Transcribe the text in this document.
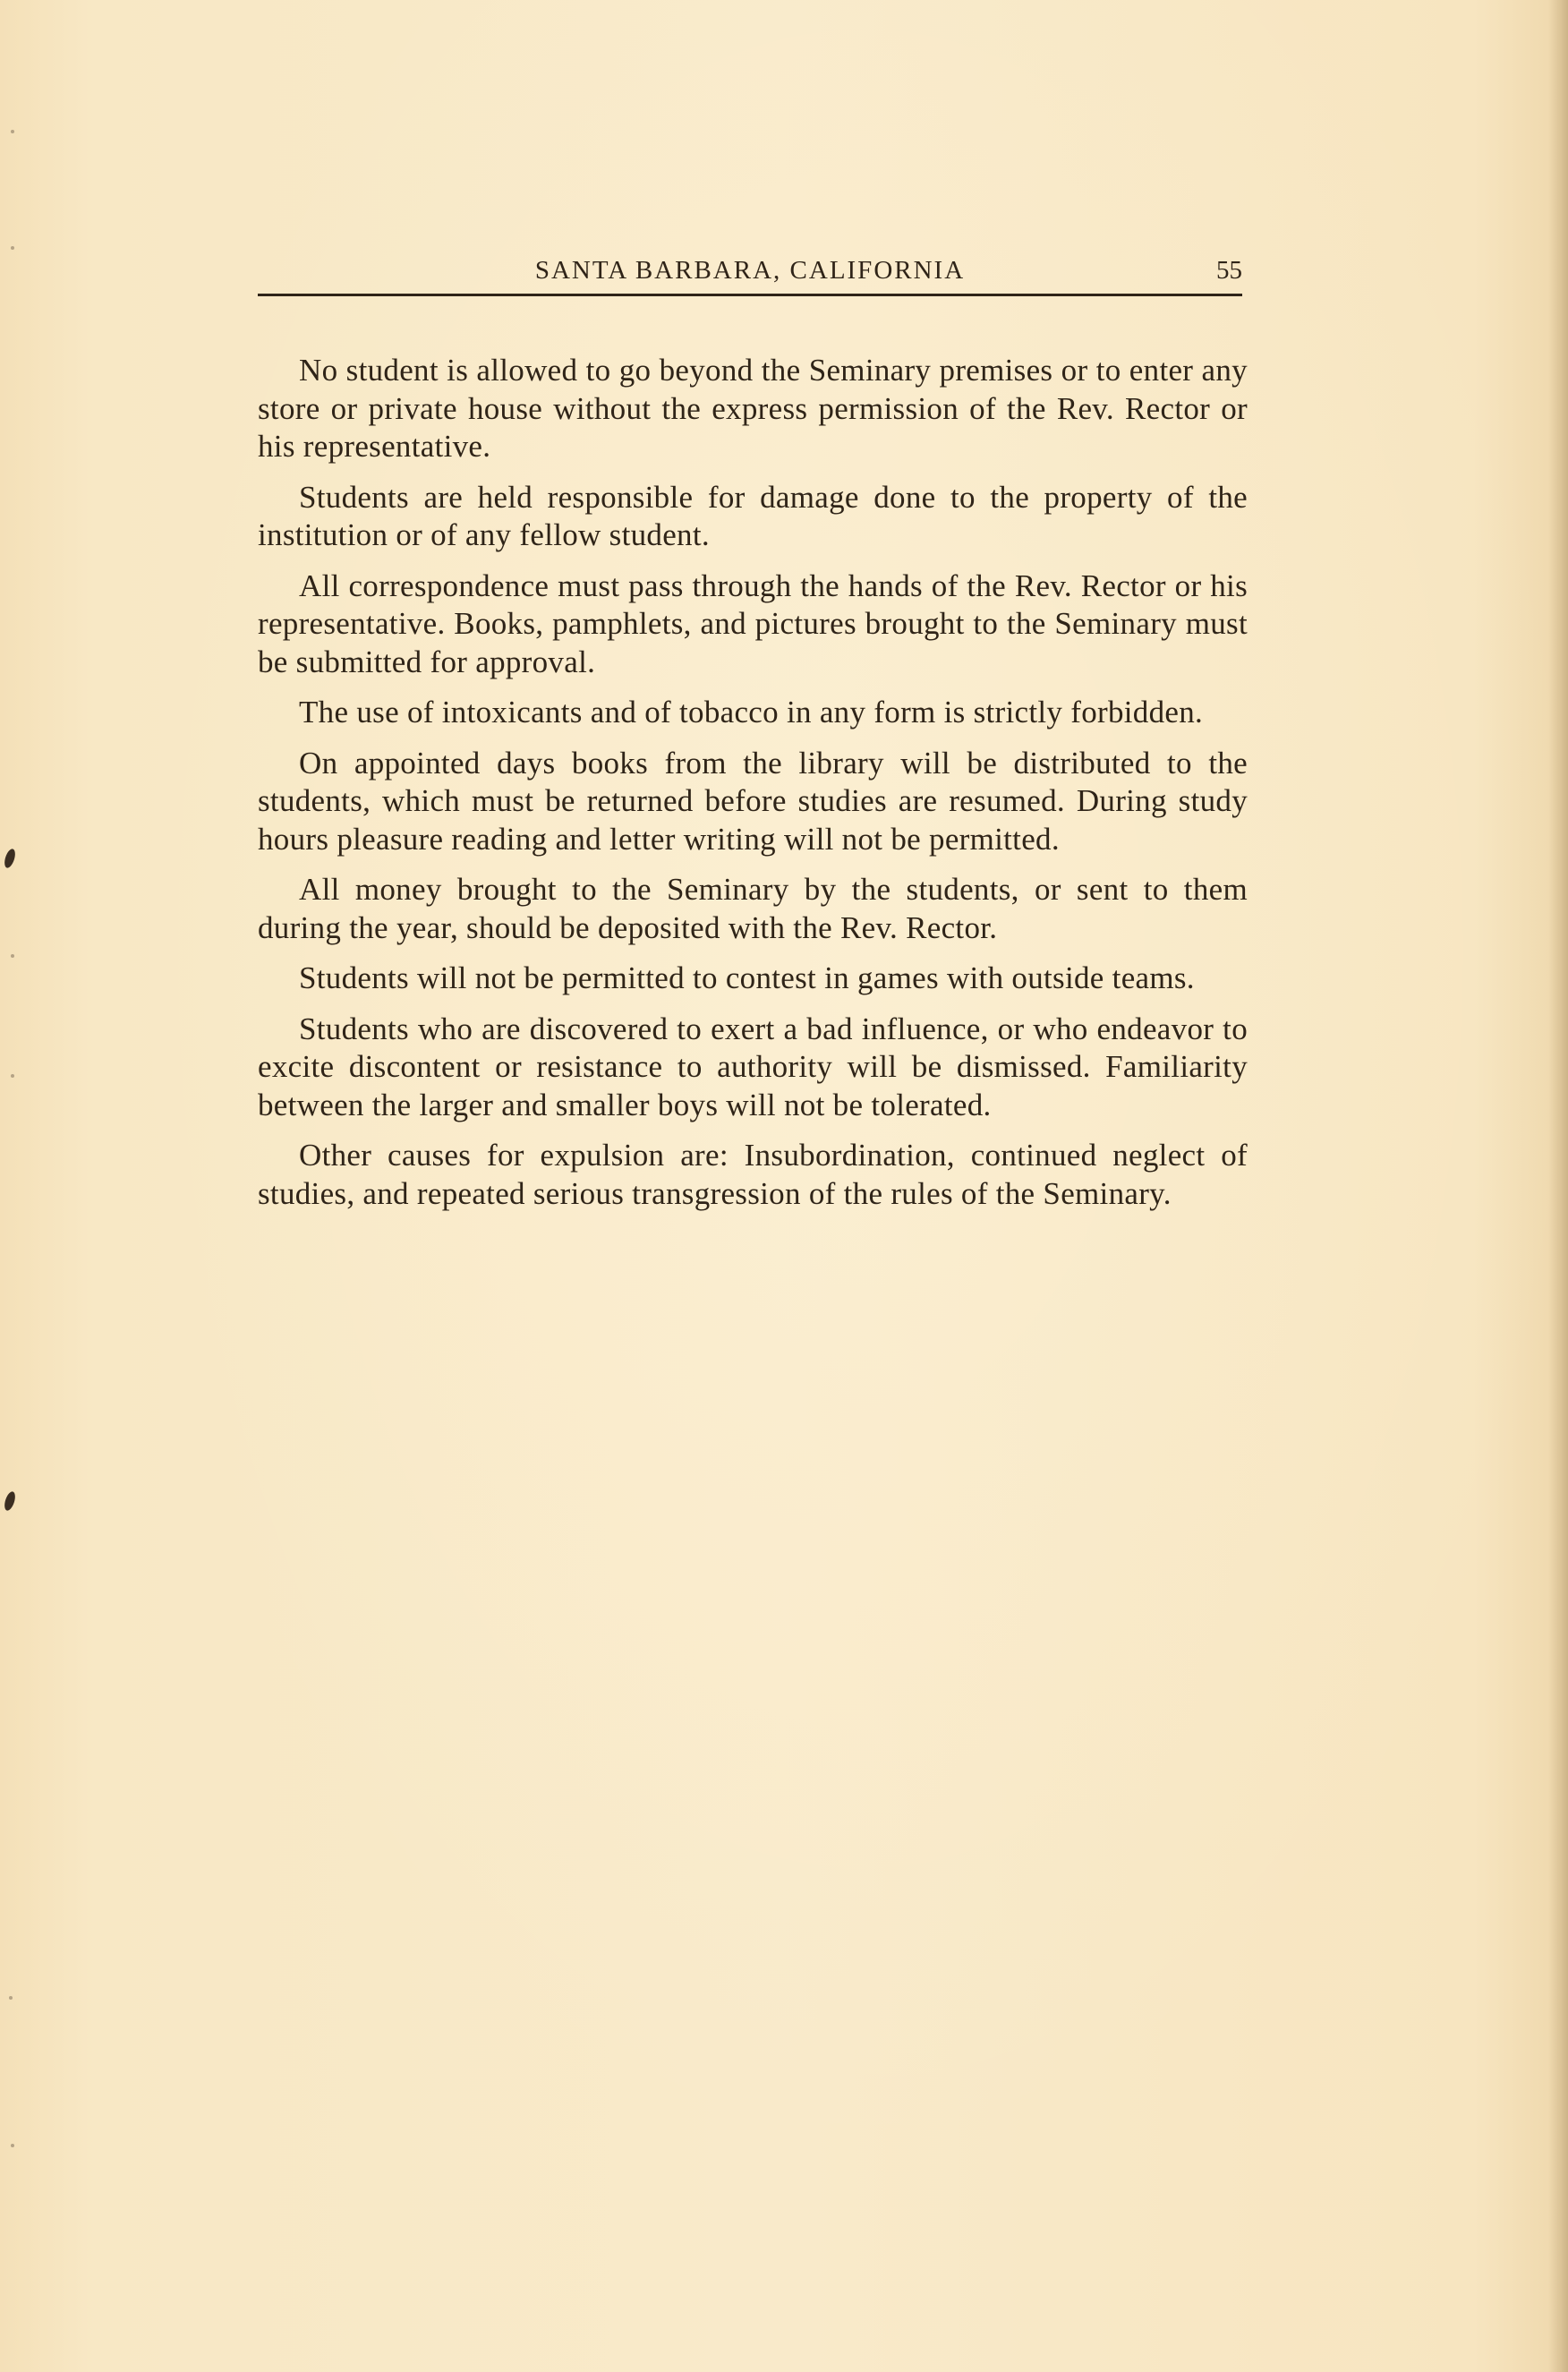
SANTA BARBARA, CALIFORNIA	55

No student is allowed to go beyond the Seminary premises or to enter any store or private house without the express permission of the Rev. Rector or his representative.

Students are held responsible for damage done to the property of the institution or of any fellow student.

All correspondence must pass through the hands of the Rev. Rector or his representative. Books, pamphlets, and pictures brought to the Seminary must be submitted for approval.

The use of intoxicants and of tobacco in any form is strictly forbidden.

On appointed days books from the library will be distributed to the students, which must be returned before studies are resumed. During study hours pleasure reading and letter writing will not be permitted.

All money brought to the Seminary by the students, or sent to them during the year, should be deposited with the Rev. Rector.

Students will not be permitted to contest in games with outside teams.

Students who are discovered to exert a bad influence, or who endeavor to excite discontent or resistance to authority will be dismissed. Familiarity between the larger and smaller boys will not be tolerated.

Other causes for expulsion are: Insubordination, continued neglect of studies, and repeated serious transgression of the rules of the Seminary.
